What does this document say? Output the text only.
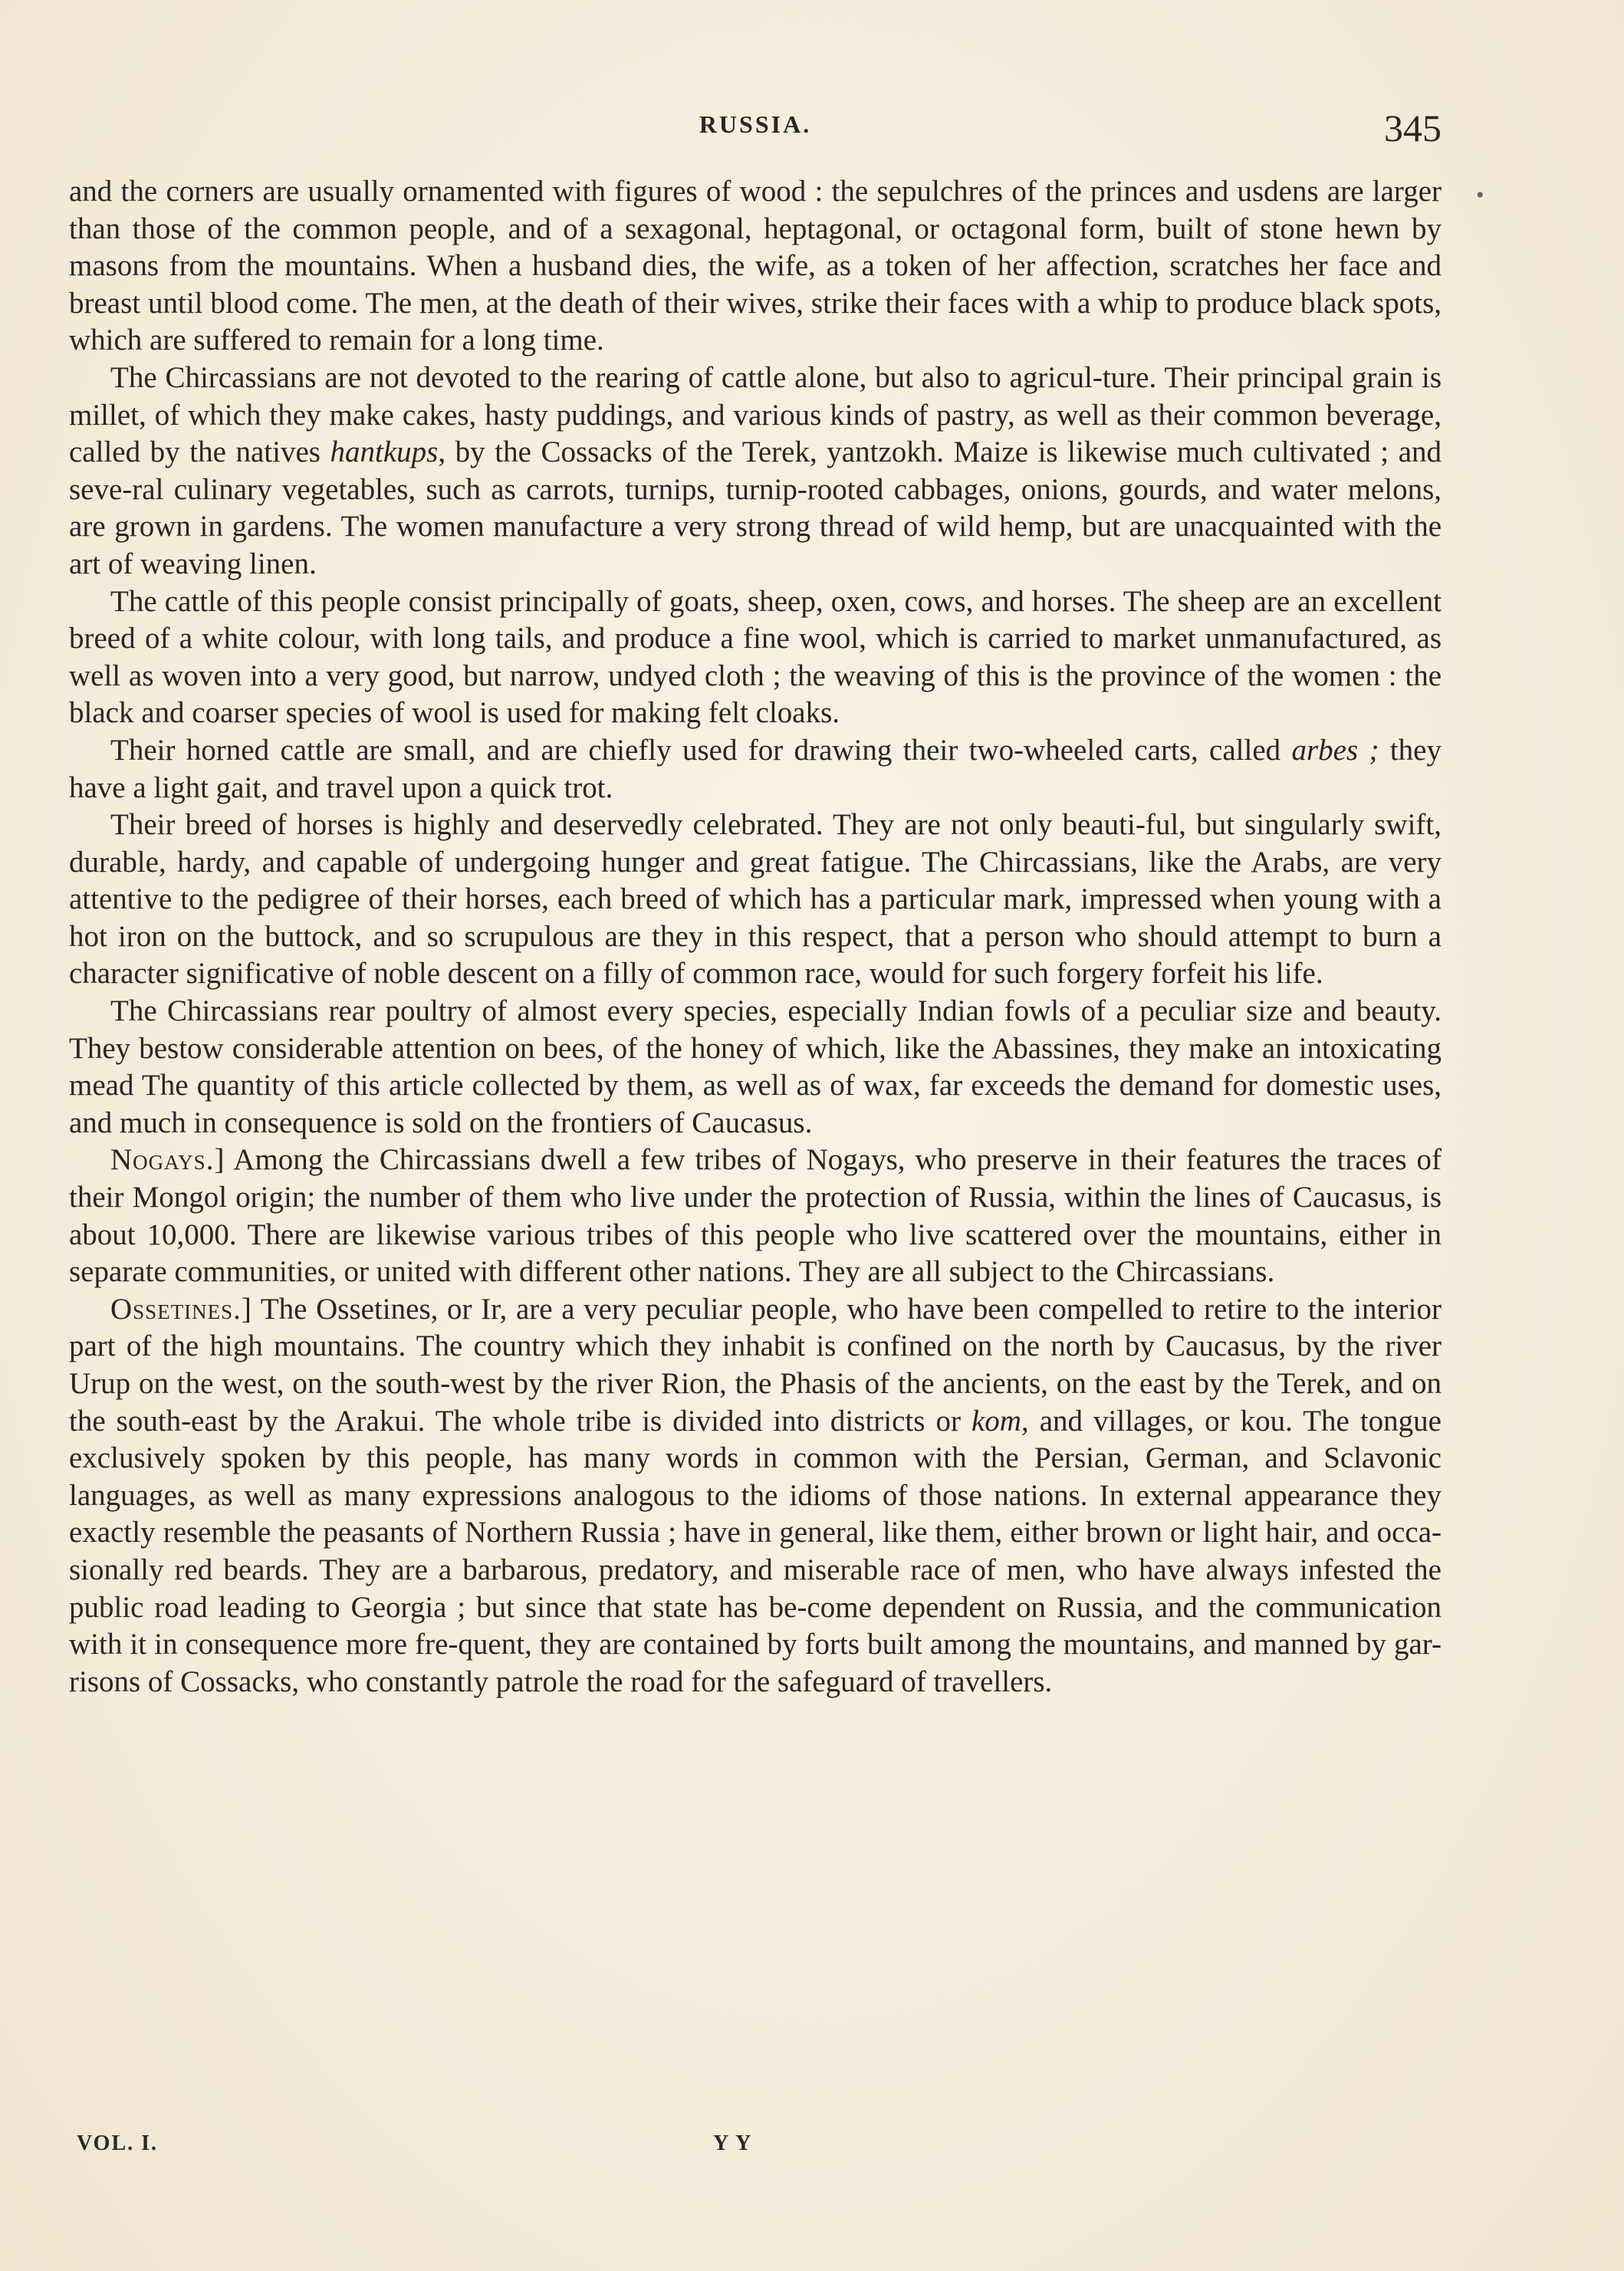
RUSSIA.	345
•

and the corners are usually ornamented with figures of wood : the sepulchres of the princes and usdens are larger than those of the common people, and of a sexagonal, heptagonal, or octagonal form, built of stone hewn by masons from the mountains. When a husband dies, the wife, as a token of her affection, scratches her face and breast until blood come. The men, at the death of their wives, strike their faces with a whip to produce black spots, which are suffered to remain for a long time.

The Chircassians are not devoted to the rearing of cattle alone, but also to agricul-ture. Their principal grain is millet, of which they make cakes, hasty puddings, and various kinds of pastry, as well as their common beverage, called by the natives hantkups, by the Cossacks of the Terek, yantzokh. Maize is likewise much cultivated ; and seve-ral culinary vegetables, such as carrots, turnips, turnip-rooted cabbages, onions, gourds, and water melons, are grown in gardens. The women manufacture a very strong thread of wild hemp, but are unacquainted with the art of weaving linen.

The cattle of this people consist principally of goats, sheep, oxen, cows, and horses. The sheep are an excellent breed of a white colour, with long tails, and produce a fine wool, which is carried to market unmanufactured, as well as woven into a very good, but narrow, undyed cloth ; the weaving of this is the province of the women : the black and coarser species of wool is used for making felt cloaks.

Their horned cattle are small, and are chiefly used for drawing their two-wheeled carts, called arbes ; they have a light gait, and travel upon a quick trot.

Their breed of horses is highly and deservedly celebrated. They are not only beauti-ful, but singularly swift, durable, hardy, and capable of undergoing hunger and great fatigue. The Chircassians, like the Arabs, are very attentive to the pedigree of their horses, each breed of which has a particular mark, impressed when young with a hot iron on the buttock, and so scrupulous are they in this respect, that a person who should attempt to burn a character significative of noble descent on a filly of common race, would for such forgery forfeit his life.

The Chircassians rear poultry of almost every species, especially Indian fowls of a peculiar size and beauty. They bestow considerable attention on bees, of the honey of which, like the Abassines, they make an intoxicating mead The quantity of this article collected by them, as well as of wax, far exceeds the demand for domestic uses, and much in consequence is sold on the frontiers of Caucasus.

Nogays.] Among the Chircassians dwell a few tribes of Nogays, who preserve in their features the traces of their Mongol origin; the number of them who live under the protection of Russia, within the lines of Caucasus, is about 10,000. There are likewise various tribes of this people who live scattered over the mountains, either in separate communities, or united with different other nations. They are all subject to the Chircassians.

Ossetines.] The Ossetines, or Ir, are a very peculiar people, who have been compelled to retire to the interior part of the high mountains. The country which they inhabit is confined on the north by Caucasus, by the river Urup on the west, on the south-west by the river Rion, the Phasis of the ancients, on the east by the Terek, and on the south-east by the Arakui. The whole tribe is divided into districts or kom, and villages, or kou. The tongue exclusively spoken by this people, has many words in common with the Persian, German, and Sclavonic languages, as well as many expressions analogous to the idioms of those nations. In external appearance they exactly resemble the peasants of Northern Russia ; have in general, like them, either brown or light hair, and occa-sionally red beards. They are a barbarous, predatory, and miserable race of men, who have always infested the public road leading to Georgia ; but since that state has be-come dependent on Russia, and the communication with it in consequence more fre-quent, they are contained by forts built among the mountains, and manned by gar-risons of Cossacks, who constantly patrole the road for the safeguard of travellers.

VOL. I.	Y Y
